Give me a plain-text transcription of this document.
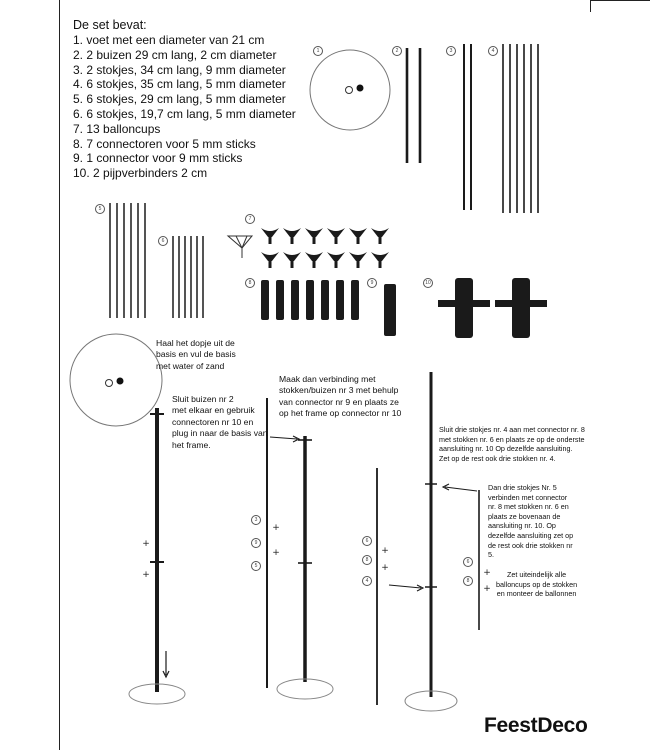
De set bevat:
1. voet met een diameter van 21 cm
2. 2 buizen 29 cm lang, 2 cm diameter
3. 2 stokjes, 34 cm lang, 9 mm diameter
4. 6 stokjes, 35 cm lang, 5 mm diameter
5. 6 stokjes, 29 cm lang, 5 mm diameter
6. 6 stokjes, 19,7 cm lang, 5 mm diameter
7. 13 balloncups
8. 7 connectoren voor 5 mm sticks
9. 1 connector voor 9 mm sticks
10. 2 pijpverbinders 2 cm
+
+
+
+	+
+	+
+
1	2	3	4
5
6
7
8	9	10
3
9
5
6
8
4
6
8
Haal het dopje uit de
basis en vul de basis
met water of zand
Sluit buizen nr 2
met elkaar en gebruik
connectoren nr 10 en
plug in naar de basis van
het frame.
Maak dan verbinding met
stokken/buizen nr 3 met behulp
van connector nr 9 en plaats ze
op het frame op connector nr 10
Sluit drie stokjes nr. 4 aan met connector nr. 8
met stokken nr. 6 en plaats ze op de onderste
aansluiting nr. 10 Op dezelfde aansluiting.
Zet op de rest ook drie stokken nr. 4.
Dan drie stokjes Nr. 5
verbinden met connector
nr. 8 met stokken nr. 6 en
plaats ze bovenaan de
aansluiting nr. 10. Op
dezelfde aansluiting zet op
de rest ook drie stokken nr
5.
Zet uiteindelijk alle
balloncups op de stokken
en monteer de ballonnen
FeestDeco
